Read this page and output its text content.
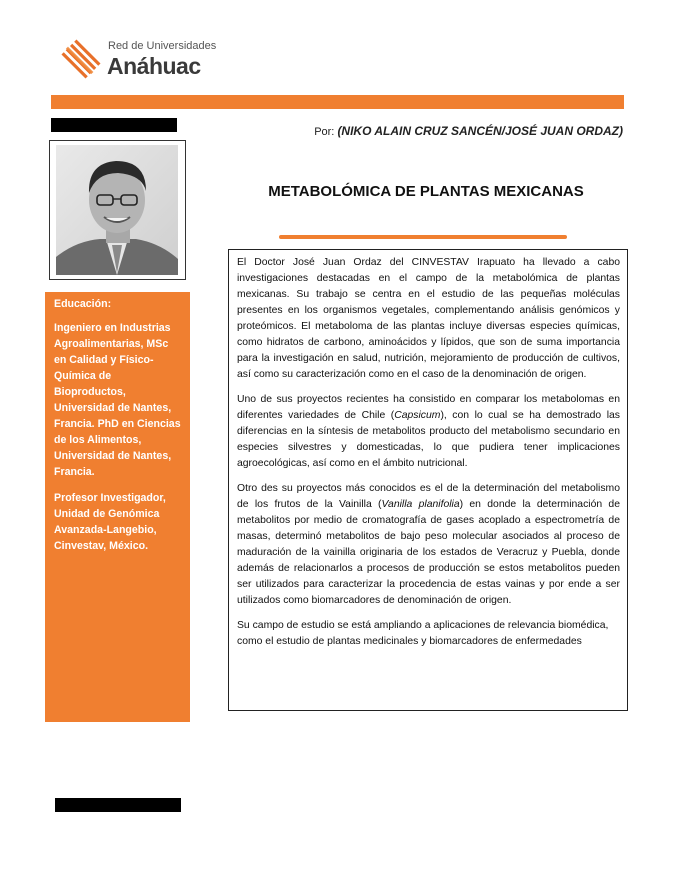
Red de Universidades
Anáhuac
Por: (NIKO ALAIN CRUZ SANCÉN/JOSÉ JUAN ORDAZ)
METABOLÓMICA DE PLANTAS MEXICANAS

Educación:

Ingeniero en Industrias Agroalimentarias, MSc en Calidad y Físico-Química de Bioproductos, Universidad de Nantes, Francia. PhD en Ciencias de los Alimentos, Universidad de Nantes, Francia.

Profesor Investigador, Unidad de Genómica Avanzada-Langebio, Cinvestav, México.

El Doctor José Juan Ordaz del CINVESTAV Irapuato ha llevado a cabo investigaciones destacadas en el campo de la metabolómica de plantas mexicanas. Su trabajo se centra en el estudio de las pequeñas moléculas presentes en los organismos vegetales, complementando análisis genómicos y proteómicos. El metaboloma de las plantas incluye diversas especies químicas, como hidratos de carbono, aminoácidos y lípidos, que son de suma importancia para la investigación en salud, nutrición, mejoramiento de producción de cultivos, así como su caracterización como en el caso de la denominación de origen.

Uno de sus proyectos recientes ha consistido en comparar los metabolomas en diferentes variedades de Chile (Capsicum), con lo cual se ha demostrado las diferencias en la síntesis de metabolitos producto del metabolismo secundario en especies silvestres y domesticadas, lo que pudiera tener implicaciones agroecológicas, así como en el ámbito nutricional.

Otro des su proyectos más conocidos es el de la determinación del metabolismo de los frutos de la Vainilla (Vanilla planifolia) en donde la determinación de metabolitos por medio de cromatografía de gases acoplado a espectrometría de masas, determinó metabolitos de bajo peso molecular asociados al proceso de maduración de la vainilla originaria de los estados de Veracruz y Puebla, donde además de relacionarlos a procesos de producción se estos metabolitos pueden ser utilizados para caracterizar la procedencia de estas vainas y por ende a ser utilizados como biomarcadores de denominación de origen.

Su campo de estudio se está ampliando a aplicaciones de relevancia biomédica, como el estudio de plantas medicinales y biomarcadores de enfermedades
